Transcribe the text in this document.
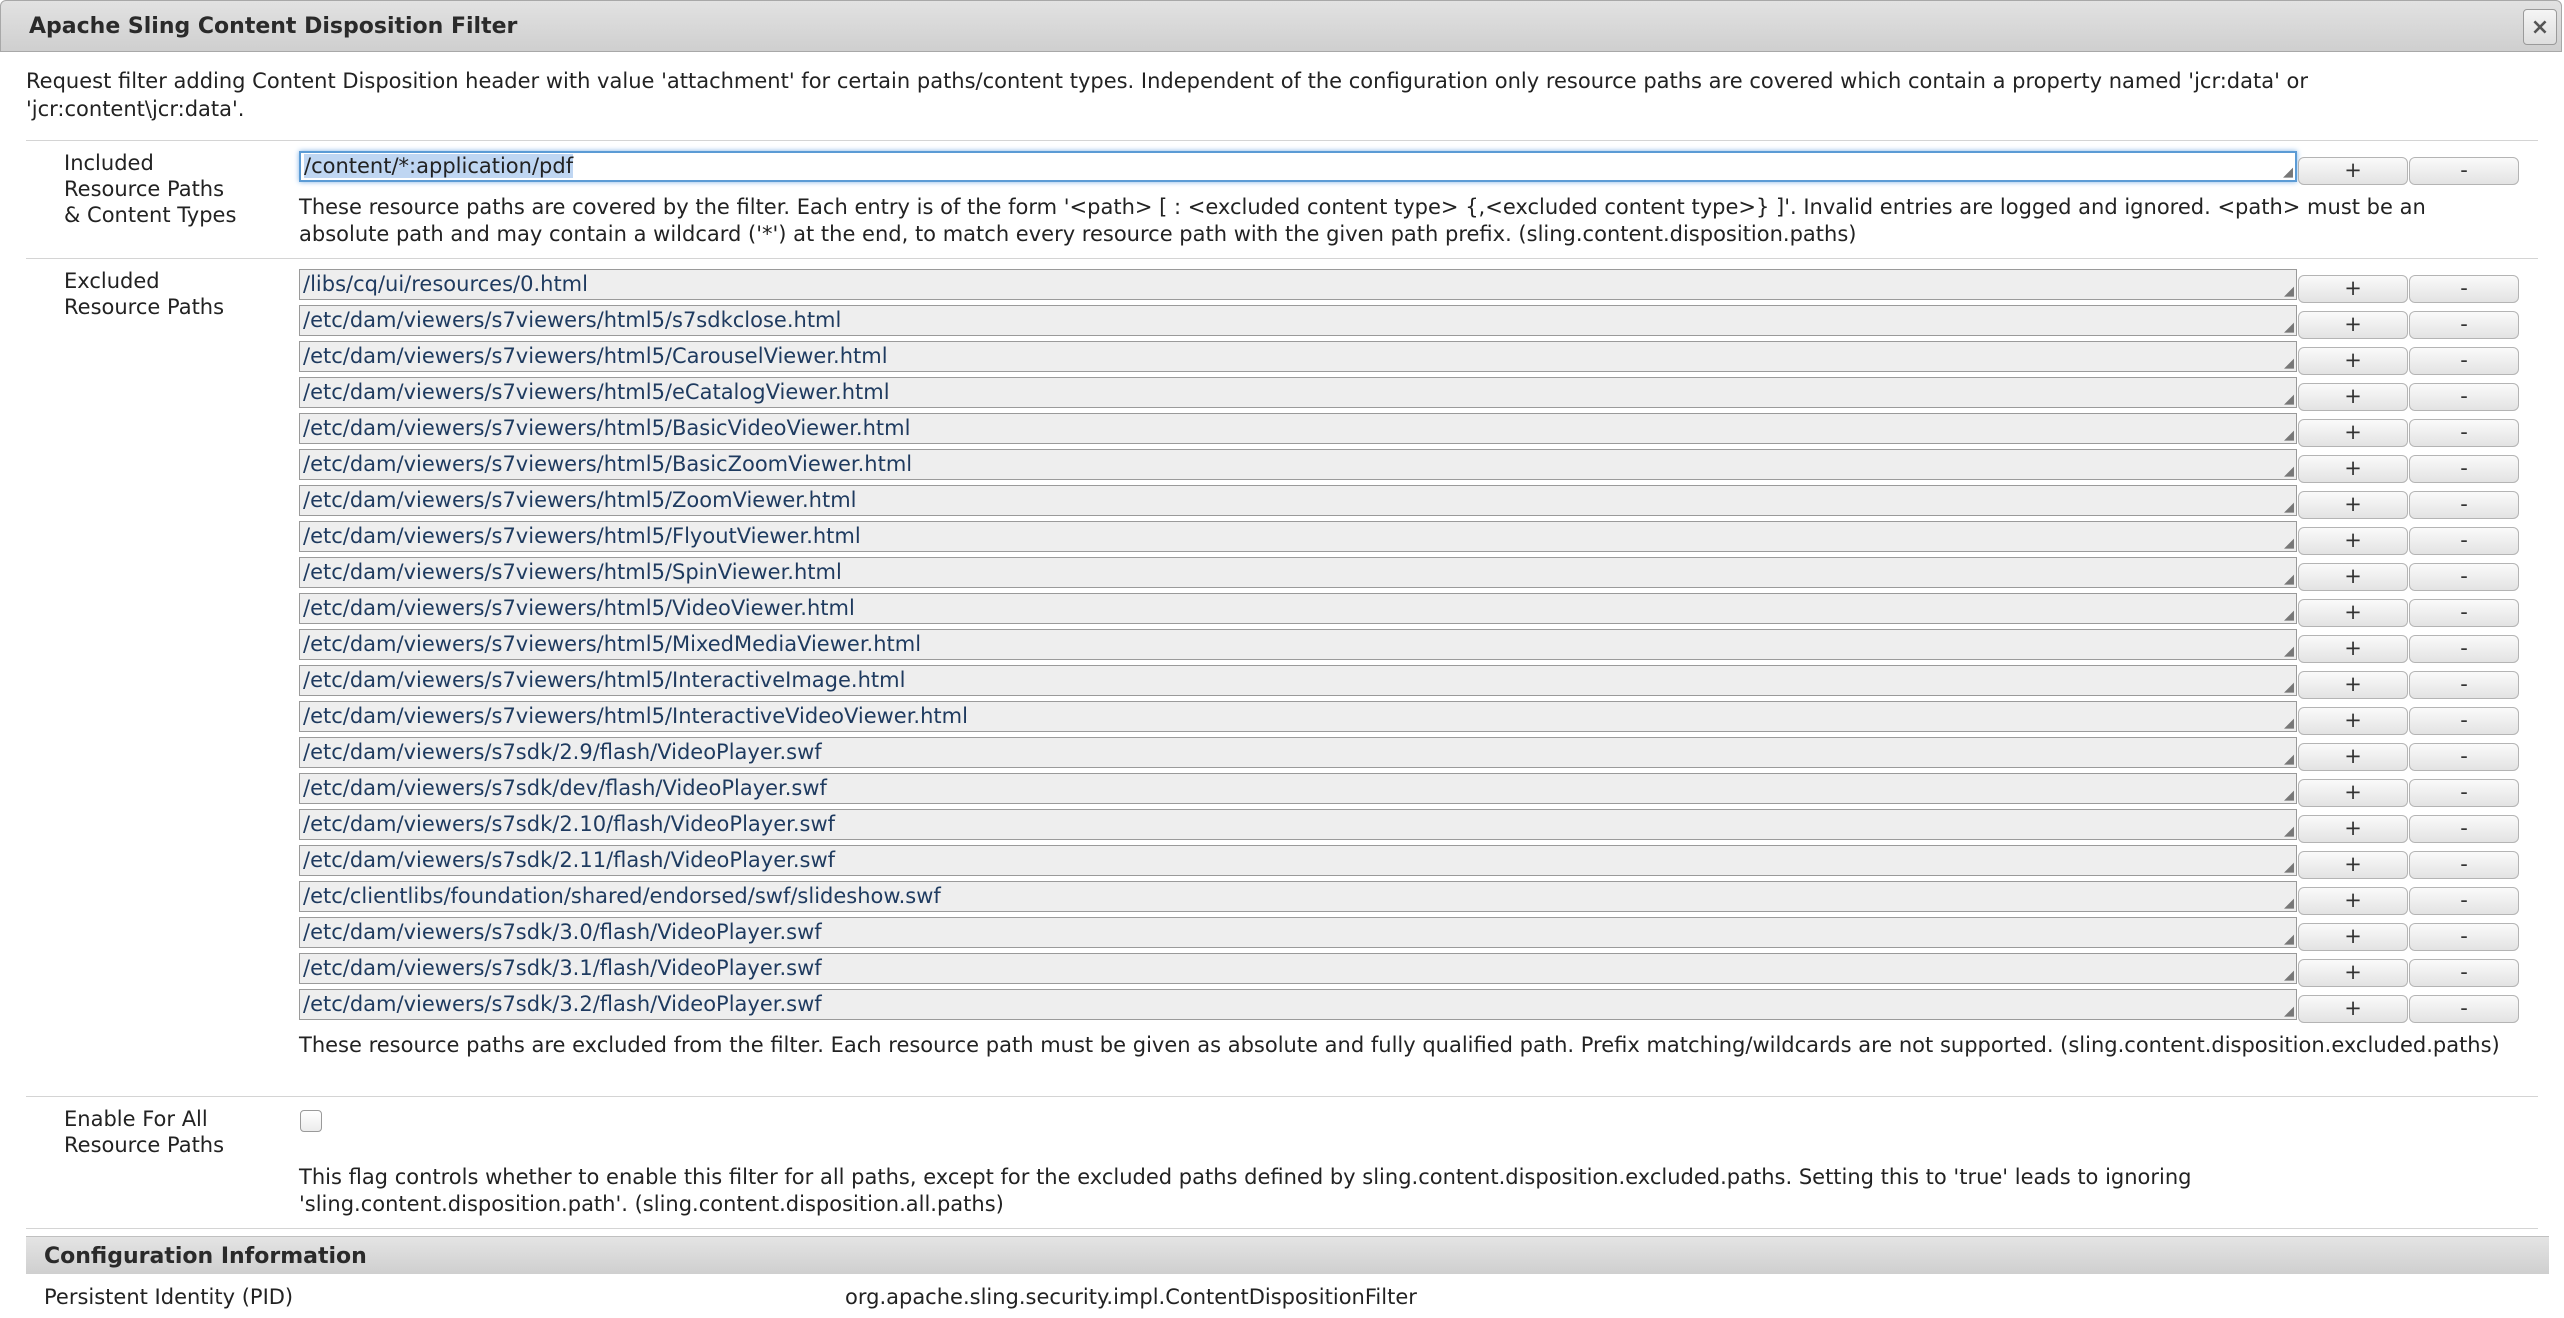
Apache Sling Content Disposition Filter	×
Request filter adding Content Disposition header with value 'attachment' for certain paths/content types. Independent of the configuration only resource paths are covered which contain a property named 'jcr:data' or 'jcr:content\jcr:data'.
Included Resource Paths & Content Types
/content/*:application/pdf	◢	+	-
These resource paths are covered by the filter. Each entry is of the form '<path> [ : <excluded content type> {,<excluded content type>} ]'. Invalid entries are logged and ignored. <path> must be an absolute path and may contain a wildcard ('*') at the end, to match every resource path with the given path prefix. (sling.content.disposition.paths)
Excluded Resource Paths
/libs/cq/ui/resources/0.html	◢	+	-
/etc/dam/viewers/s7viewers/html5/s7sdkclose.html	◢	+	-
/etc/dam/viewers/s7viewers/html5/CarouselViewer.html	◢	+	-
/etc/dam/viewers/s7viewers/html5/eCatalogViewer.html	◢	+	-
/etc/dam/viewers/s7viewers/html5/BasicVideoViewer.html	◢	+	-
/etc/dam/viewers/s7viewers/html5/BasicZoomViewer.html	◢	+	-
/etc/dam/viewers/s7viewers/html5/ZoomViewer.html	◢	+	-
/etc/dam/viewers/s7viewers/html5/FlyoutViewer.html	◢	+	-
/etc/dam/viewers/s7viewers/html5/SpinViewer.html	◢	+	-
/etc/dam/viewers/s7viewers/html5/VideoViewer.html	◢	+	-
/etc/dam/viewers/s7viewers/html5/MixedMediaViewer.html	◢	+	-
/etc/dam/viewers/s7viewers/html5/InteractiveImage.html	◢	+	-
/etc/dam/viewers/s7viewers/html5/InteractiveVideoViewer.html	◢	+	-
/etc/dam/viewers/s7sdk/2.9/flash/VideoPlayer.swf	◢	+	-
/etc/dam/viewers/s7sdk/dev/flash/VideoPlayer.swf	◢	+	-
/etc/dam/viewers/s7sdk/2.10/flash/VideoPlayer.swf	◢	+	-
/etc/dam/viewers/s7sdk/2.11/flash/VideoPlayer.swf	◢	+	-
/etc/clientlibs/foundation/shared/endorsed/swf/slideshow.swf	◢	+	-
/etc/dam/viewers/s7sdk/3.0/flash/VideoPlayer.swf	◢	+	-
/etc/dam/viewers/s7sdk/3.1/flash/VideoPlayer.swf	◢	+	-
/etc/dam/viewers/s7sdk/3.2/flash/VideoPlayer.swf	◢	+	-
These resource paths are excluded from the filter. Each resource path must be given as absolute and fully qualified path. Prefix matching/wildcards are not supported. (sling.content.disposition.excluded.paths)
Enable For All Resource Paths
This flag controls whether to enable this filter for all paths, except for the excluded paths defined by sling.content.disposition.excluded.paths. Setting this to 'true' leads to ignoring 'sling.content.disposition.path'. (sling.content.disposition.all.paths)
Configuration Information
Persistent Identity (PID)	org.apache.sling.security.impl.ContentDispositionFilter
